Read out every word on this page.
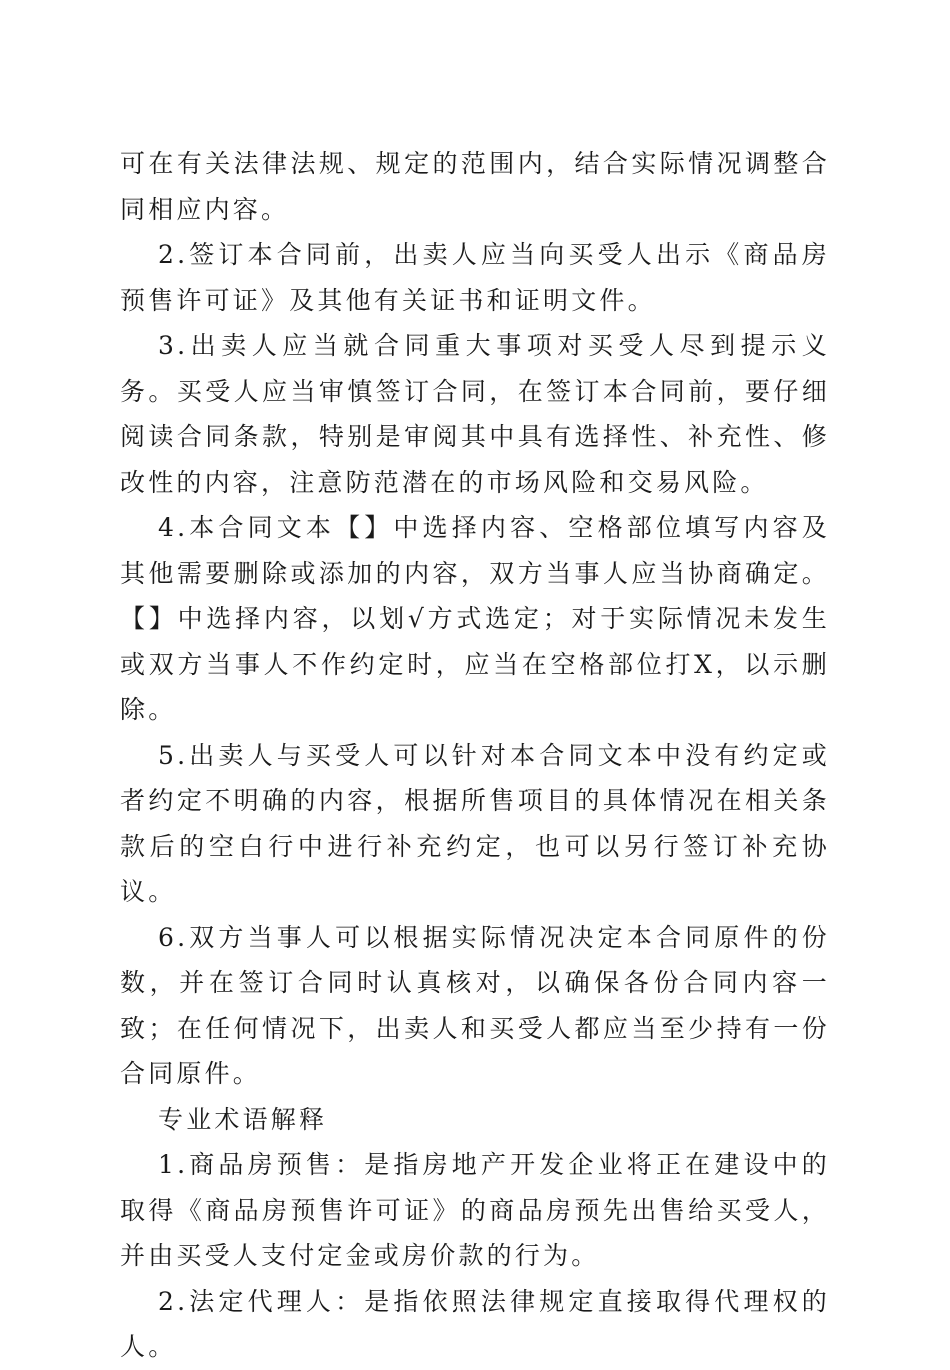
可在有关法律法规、规定的范围内，结合实际情况调整合同相应内容。

2.签订本合同前，出卖人应当向买受人出示《商品房预售许可证》及其他有关证书和证明文件。

3.出卖人应当就合同重大事项对买受人尽到提示义务。买受人应当审慎签订合同，在签订本合同前，要仔细阅读合同条款，特别是审阅其中具有选择性、补充性、修改性的内容，注意防范潜在的市场风险和交易风险。

4.本合同文本【】中选择内容、空格部位填写内容及其他需要删除或添加的内容，双方当事人应当协商确定。【】中选择内容，以划√方式选定；对于实际情况未发生或双方当事人不作约定时，应当在空格部位打X，以示删除。

5.出卖人与买受人可以针对本合同文本中没有约定或者约定不明确的内容，根据所售项目的具体情况在相关条款后的空白行中进行补充约定，也可以另行签订补充协议。

6.双方当事人可以根据实际情况决定本合同原件的份数，并在签订合同时认真核对，以确保各份合同内容一致；在任何情况下，出卖人和买受人都应当至少持有一份合同原件。

专业术语解释

1.商品房预售：是指房地产开发企业将正在建设中的取得《商品房预售许可证》的商品房预先出售给买受人，并由买受人支付定金或房价款的行为。

2.法定代理人：是指依照法律规定直接取得代理权的人。
